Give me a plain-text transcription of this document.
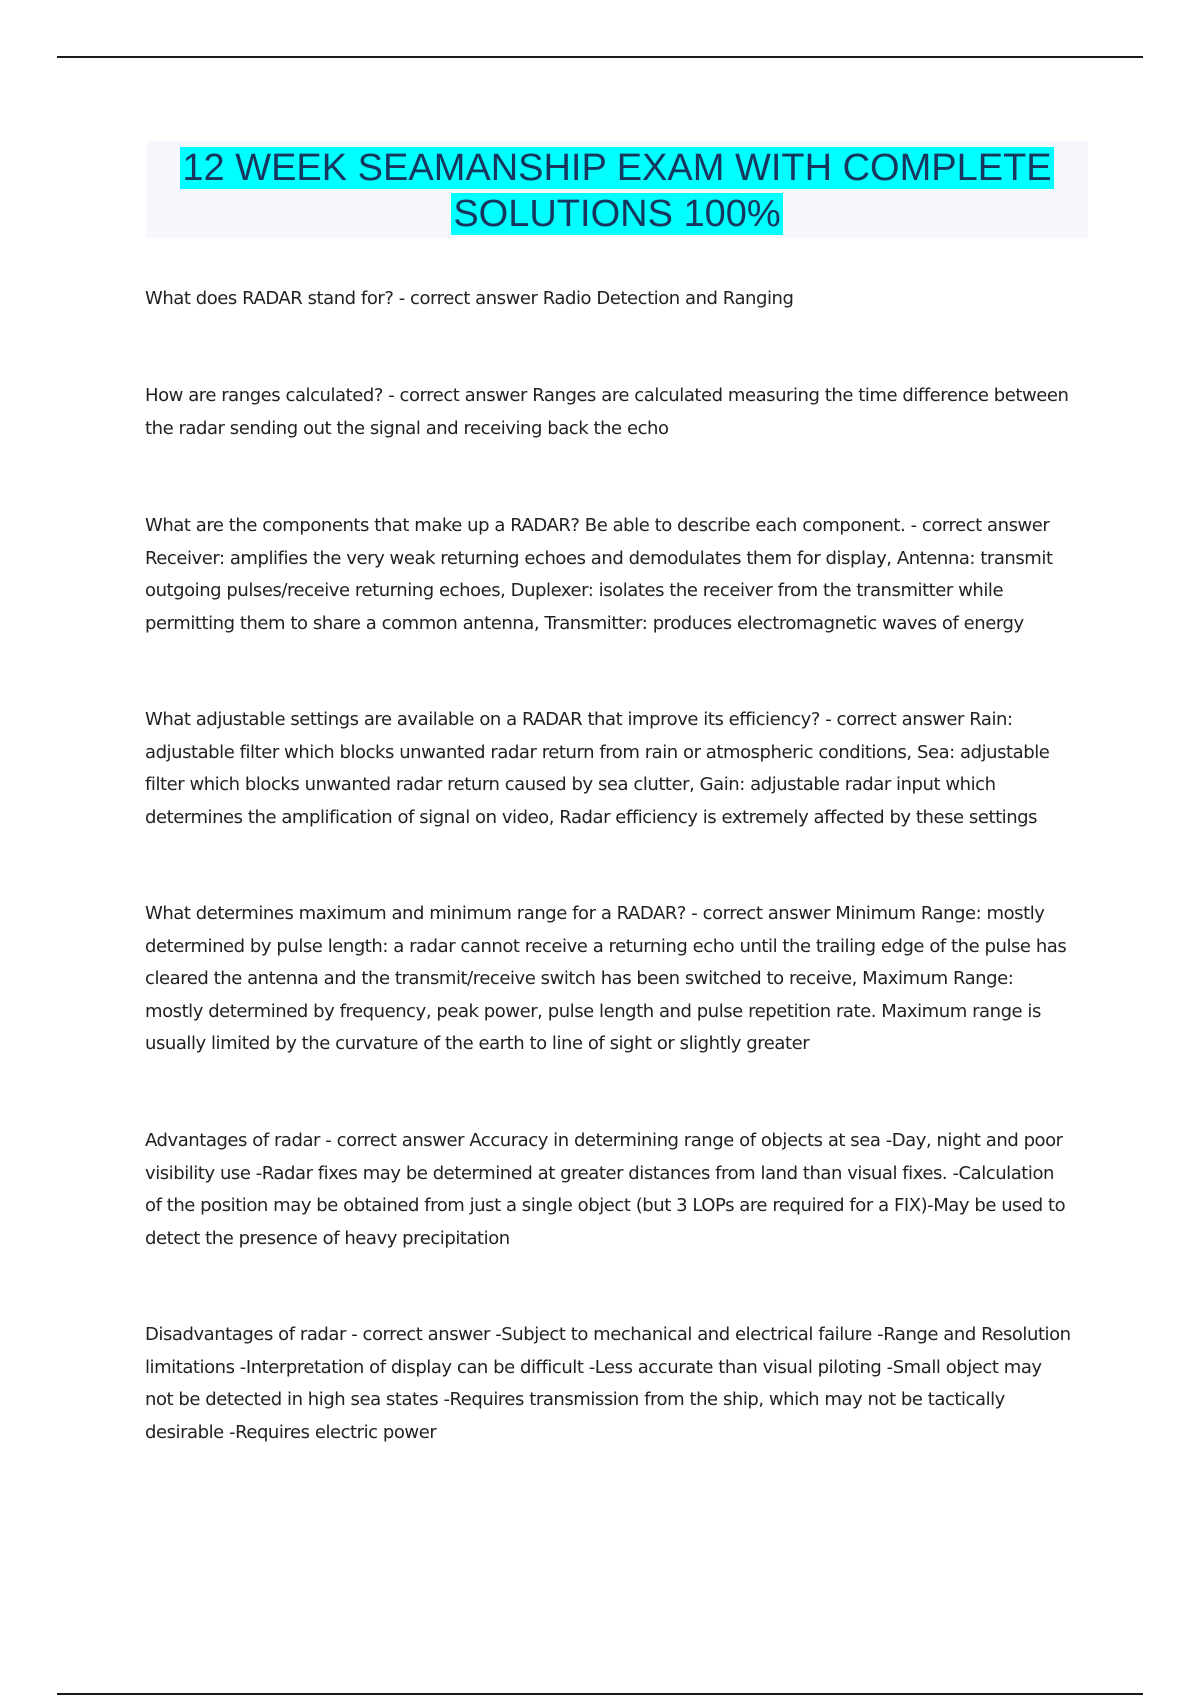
12 WEEK SEAMANSHIP EXAM WITH COMPLETE
SOLUTIONS 100%

What does RADAR stand for? - correct answer Radio Detection and Ranging

How are ranges calculated? - correct answer Ranges are calculated measuring the time difference between the radar sending out the signal and receiving back the echo

What are the components that make up a RADAR? Be able to describe each component. - correct answer Receiver: amplifies the very weak returning echoes and demodulates them for display, Antenna: transmit outgoing pulses/receive returning echoes, Duplexer: isolates the receiver from the transmitter while permitting them to share a common antenna, Transmitter: produces electromagnetic waves of energy

What adjustable settings are available on a RADAR that improve its efficiency? - correct answer Rain: adjustable filter which blocks unwanted radar return from rain or atmospheric conditions, Sea: adjustable filter which blocks unwanted radar return caused by sea clutter, Gain: adjustable radar input which determines the amplification of signal on video, Radar efficiency is extremely affected by these settings

What determines maximum and minimum range for a RADAR? - correct answer Minimum Range: mostly determined by pulse length: a radar cannot receive a returning echo until the trailing edge of the pulse has cleared the antenna and the transmit/receive switch has been switched to receive, Maximum Range: mostly determined by frequency, peak power, pulse length and pulse repetition rate. Maximum range is usually limited by the curvature of the earth to line of sight or slightly greater

Advantages of radar - correct answer Accuracy in determining range of objects at sea -Day, night and poor visibility use -Radar fixes may be determined at greater distances from land than visual fixes. -Calculation of the position may be obtained from just a single object (but 3 LOPs are required for a FIX)-May be used to detect the presence of heavy precipitation

Disadvantages of radar - correct answer -Subject to mechanical and electrical failure -Range and Resolution limitations -Interpretation of display can be difficult -Less accurate than visual piloting -Small object may not be detected in high sea states -Requires transmission from the ship, which may not be tactically desirable -Requires electric power
